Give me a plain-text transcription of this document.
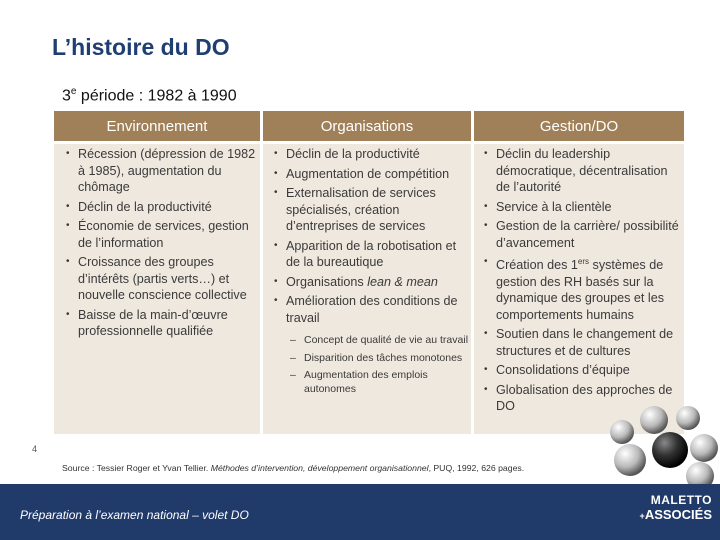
L’histoire du DO
3e période : 1982 à 1990
Environnement	Organisations	Gestion/DO
• Récession (dépression de 1982 à 1985), augmentation du chômage
• Déclin de la productivité
• Économie de services, gestion de l’information
• Croissance des groupes d’intérêts (partis verts…) et nouvelle conscience collective
• Baisse de la main-d’œuvre professionnelle qualifiée
• Déclin de la productivité
• Augmentation de compétition
• Externalisation de services spécialisés, création d’entreprises de services
• Apparition de la robotisation et de la bureautique
• Organisations lean & mean
• Amélioration des conditions de travail
– Concept de qualité de vie au travail
– Disparition des tâches monotones
– Augmentation des emplois autonomes
• Déclin du leadership démocratique, décentralisation de l’autorité
• Service à la clientèle
• Gestion de la carrière/ possibilité d’avancement
• Création des 1ers systèmes de gestion des RH basés sur la dynamique des groupes et les comportements humains
• Soutien dans le changement de structures et de cultures
• Consolidations d’équipe
• Globalisation des approches de DO
4
Source : Tessier Roger et Yvan Tellier. Méthodes d’intervention, développement organisationnel, PUQ, 1992, 626 pages.
Préparation à l’examen national – volet DO
MALETTO
+ASSOCIÉS
